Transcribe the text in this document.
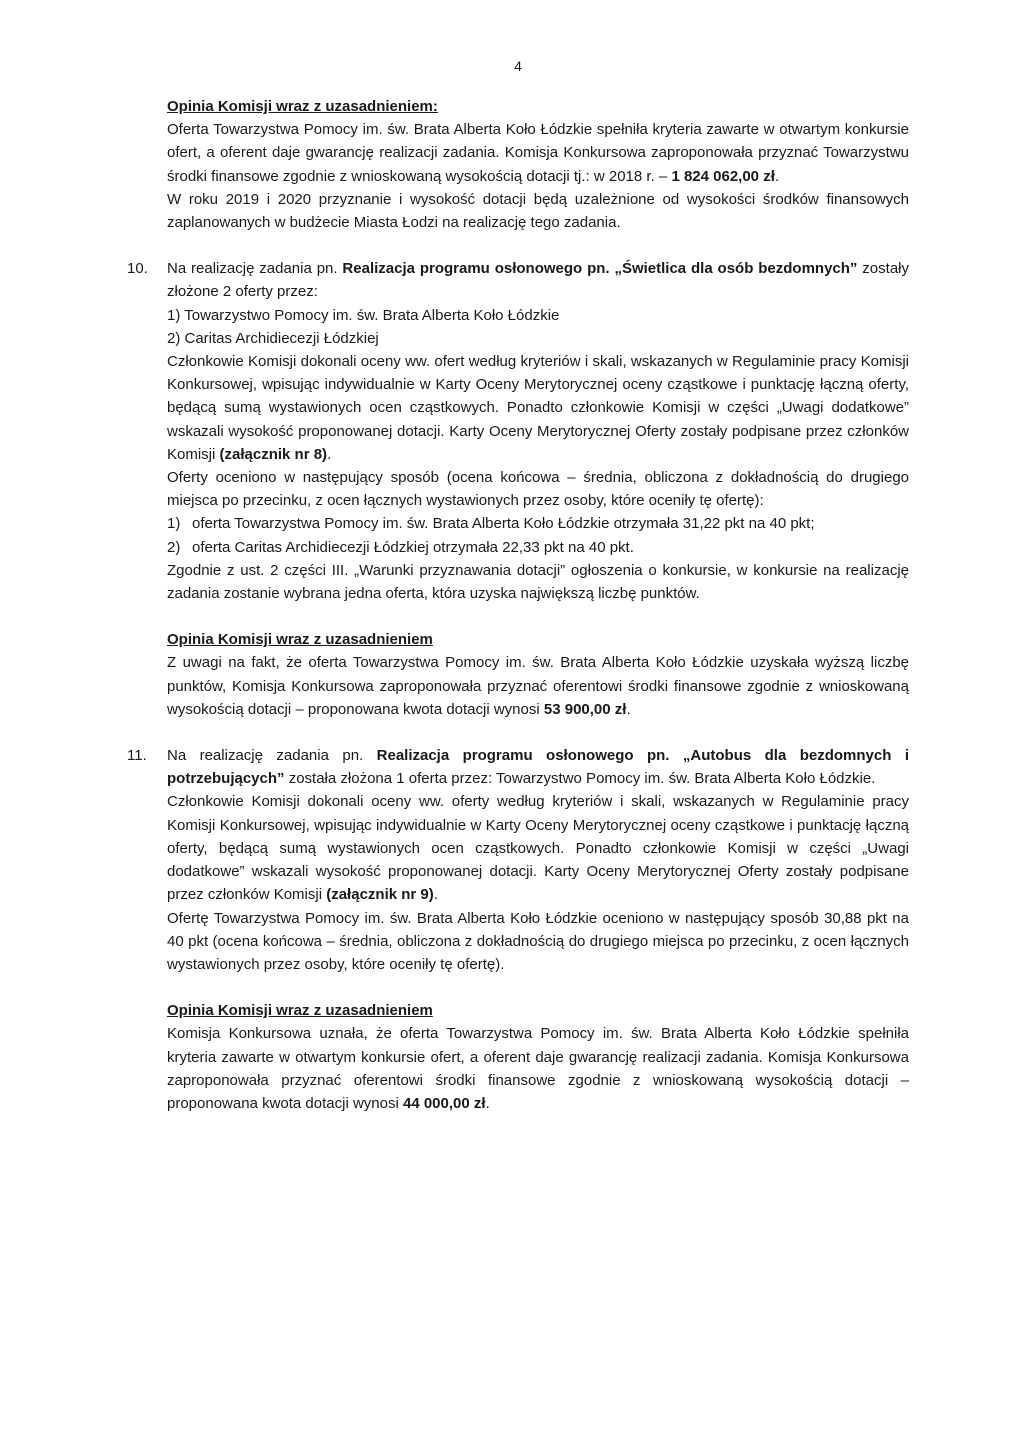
4

Opinia Komisji wraz z uzasadnieniem:

Oferta Towarzystwa Pomocy im. św. Brata Alberta Koło Łódzkie spełniła kryteria zawarte w otwartym konkursie ofert, a oferent daje gwarancję realizacji zadania. Komisja Konkursowa zaproponowała przyznać Towarzystwu środki finansowe zgodnie z wnioskowaną wysokością dotacji tj.: w 2018 r. – 1 824 062,00 zł.

W roku 2019 i 2020 przyznanie i wysokość dotacji będą uzależnione od wysokości środków finansowych zaplanowanych w budżecie Miasta Łodzi na realizację tego zadania.

10. Na realizację zadania pn. Realizacja programu osłonowego pn. „Świetlica dla osób bezdomnych” zostały złożone 2 oferty przez:

1) Towarzystwo Pomocy im. św. Brata Alberta Koło Łódzkie

2) Caritas Archidiecezji Łódzkiej

Członkowie Komisji dokonali oceny ww. ofert według kryteriów i skali, wskazanych w Regulaminie pracy Komisji Konkursowej, wpisując indywidualnie w Karty Oceny Merytorycznej oceny cząstkowe i punktację łączną oferty, będącą sumą wystawionych ocen cząstkowych. Ponadto członkowie Komisji w części „Uwagi dodatkowe” wskazali wysokość proponowanej dotacji. Karty Oceny Merytorycznej Oferty zostały podpisane przez członków Komisji (załącznik nr 8).

Oferty oceniono w następujący sposób (ocena końcowa – średnia, obliczona z dokładnością do drugiego miejsca po przecinku, z ocen łącznych wystawionych przez osoby, które oceniły tę ofertę):

1) oferta Towarzystwa Pomocy im. św. Brata Alberta Koło Łódzkie otrzymała 31,22 pkt na 40 pkt;

2) oferta Caritas Archidiecezji Łódzkiej otrzymała 22,33 pkt na 40 pkt.

Zgodnie z ust. 2 części III. „Warunki przyznawania dotacji” ogłoszenia o konkursie, w konkursie na realizację zadania zostanie wybrana jedna oferta, która uzyska największą liczbę punktów.

Opinia Komisji wraz z uzasadnieniem

Z uwagi na fakt, że oferta Towarzystwa Pomocy im. św. Brata Alberta Koło Łódzkie uzyskała wyższą liczbę punktów, Komisja Konkursowa zaproponowała przyznać oferentowi środki finansowe zgodnie z wnioskowaną wysokością dotacji – proponowana kwota dotacji wynosi 53 900,00 zł.

11. Na realizację zadania pn. Realizacja programu osłonowego pn. „Autobus dla bezdomnych i potrzebujących” została złożona 1 oferta przez: Towarzystwo Pomocy im. św. Brata Alberta Koło Łódzkie.

Członkowie Komisji dokonali oceny ww. oferty według kryteriów i skali, wskazanych w Regulaminie pracy Komisji Konkursowej, wpisując indywidualnie w Karty Oceny Merytorycznej oceny cząstkowe i punktację łączną oferty, będącą sumą wystawionych ocen cząstkowych. Ponadto członkowie Komisji w części „Uwagi dodatkowe” wskazali wysokość proponowanej dotacji. Karty Oceny Merytorycznej Oferty zostały podpisane przez członków Komisji (załącznik nr 9).

Ofertę Towarzystwa Pomocy im. św. Brata Alberta Koło Łódzkie oceniono w następujący sposób 30,88 pkt na 40 pkt (ocena końcowa – średnia, obliczona z dokładnością do drugiego miejsca po przecinku, z ocen łącznych wystawionych przez osoby, które oceniły tę ofertę).

Opinia Komisji wraz z uzasadnieniem

Komisja Konkursowa uznała, że oferta Towarzystwa Pomocy im. św. Brata Alberta Koło Łódzkie spełniła kryteria zawarte w otwartym konkursie ofert, a oferent daje gwarancję realizacji zadania. Komisja Konkursowa zaproponowała przyznać oferentowi środki finansowe zgodnie z wnioskowaną wysokością dotacji – proponowana kwota dotacji wynosi 44 000,00 zł.
